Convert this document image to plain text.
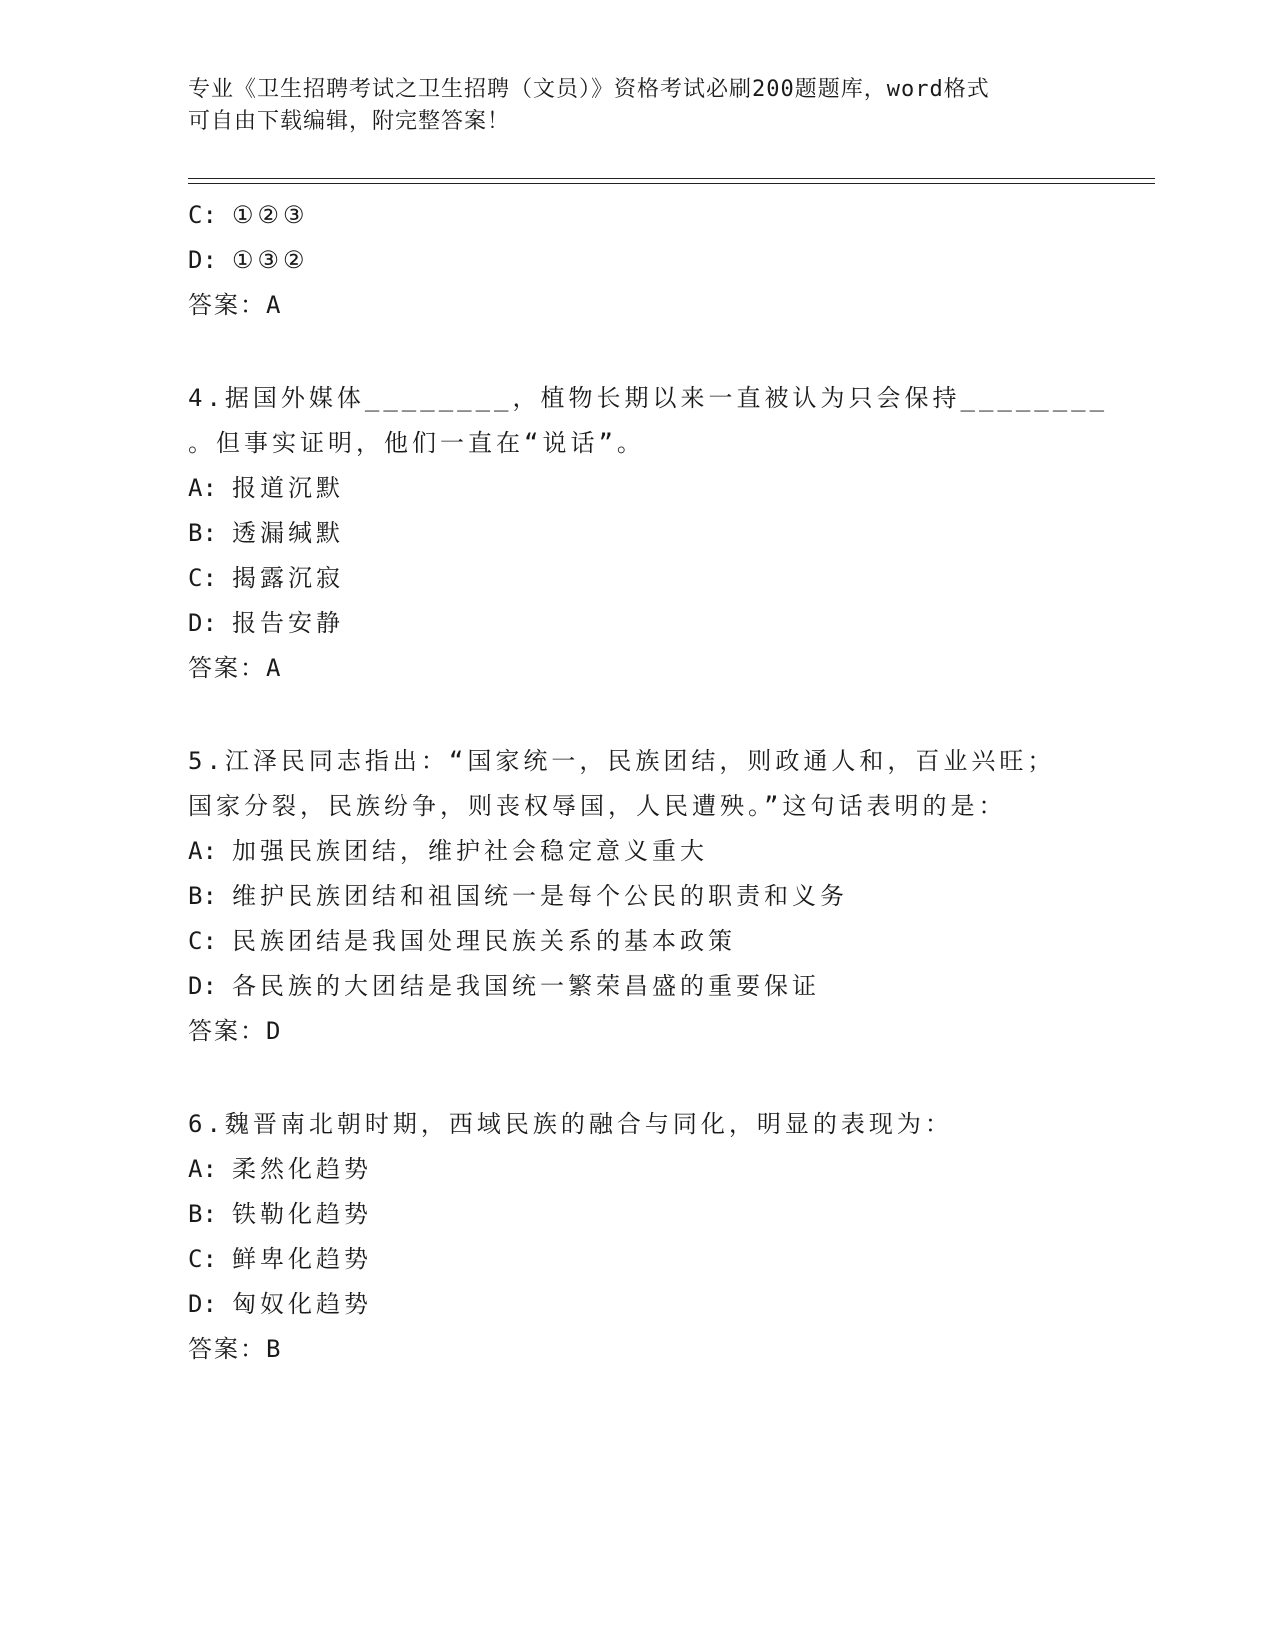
专业《卫生招聘考试之卫生招聘（文员）》资格考试必刷200题题库，word格式
可自由下载编辑，附完整答案！
C: ①②③
D: ①③②
答案：A
4.据国外媒体________，植物长期以来一直被认为只会保持________
。但事实证明，他们一直在“说话”。
A: 报道沉默
B: 透漏缄默
C: 揭露沉寂
D: 报告安静
答案：A
5.江泽民同志指出：“国家统一，民族团结，则政通人和，百业兴旺；
国家分裂，民族纷争，则丧权辱国，人民遭殃。”这句话表明的是：
A: 加强民族团结，维护社会稳定意义重大
B: 维护民族团结和祖国统一是每个公民的职责和义务
C: 民族团结是我国处理民族关系的基本政策
D: 各民族的大团结是我国统一繁荣昌盛的重要保证
答案：D
6.魏晋南北朝时期，西域民族的融合与同化，明显的表现为：
A: 柔然化趋势
B: 铁勒化趋势
C: 鲜卑化趋势
D: 匈奴化趋势
答案：B
